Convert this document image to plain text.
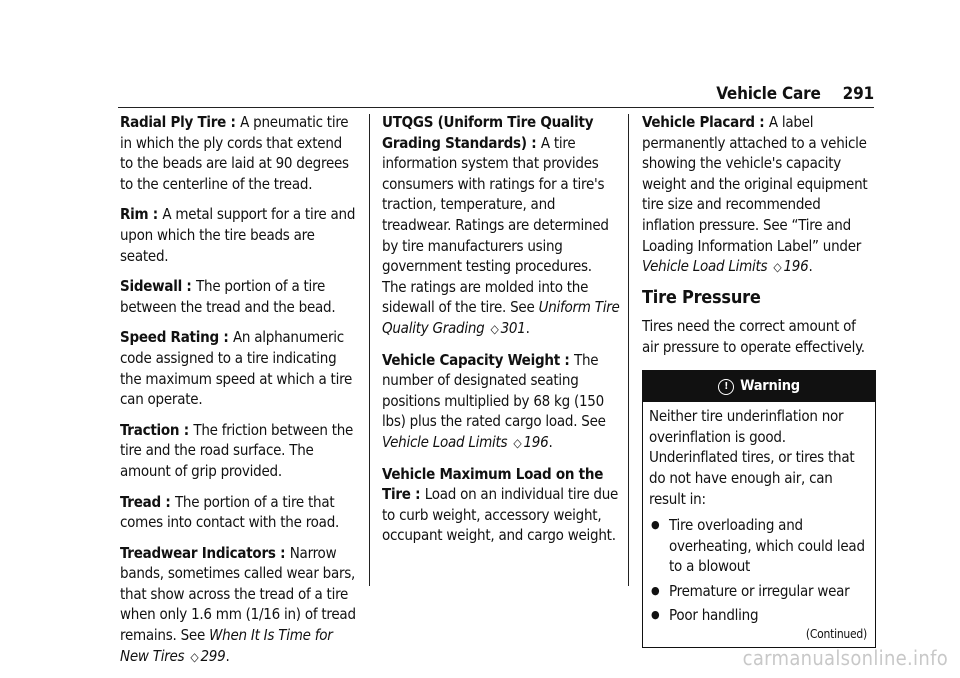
Vehicle Care 291

Radial Ply Tire : A pneumatic tire in which the ply cords that extend to the beads are laid at 90 degrees to the centerline of the tread.

Rim : A metal support for a tire and upon which the tire beads are seated.

Sidewall : The portion of a tire between the tread and the bead.

Speed Rating : An alphanumeric code assigned to a tire indicating the maximum speed at which a tire can operate.

Traction : The friction between the tire and the road surface. The amount of grip provided.

Tread : The portion of a tire that comes into contact with the road.

Treadwear Indicators : Narrow bands, sometimes called wear bars, that show across the tread of a tire when only 1.6 mm (1/16 in) of tread remains. See When It Is Time for New Tires ◇ 299.

UTQGS (Uniform Tire Quality Grading Standards) : A tire information system that provides consumers with ratings for a tire's traction, temperature, and treadwear. Ratings are determined by tire manufacturers using government testing procedures. The ratings are molded into the sidewall of the tire. See Uniform Tire Quality Grading ◇ 301.

Vehicle Capacity Weight : The number of designated seating positions multiplied by 68 kg (150 lbs) plus the rated cargo load. See Vehicle Load Limits ◇ 196.

Vehicle Maximum Load on the Tire : Load on an individual tire due to curb weight, accessory weight, occupant weight, and cargo weight.

Vehicle Placard : A label permanently attached to a vehicle showing the vehicle's capacity weight and the original equipment tire size and recommended inflation pressure. See “Tire and Loading Information Label” under Vehicle Load Limits ◇ 196.

Tire Pressure

Tires need the correct amount of air pressure to operate effectively.

! Warning

Neither tire underinflation nor overinflation is good. Underinflated tires, or tires that do not have enough air, can result in:

● Tire overloading and overheating, which could lead to a blowout
● Premature or irregular wear
● Poor handling
(Continued)
carmanualsonline.info
